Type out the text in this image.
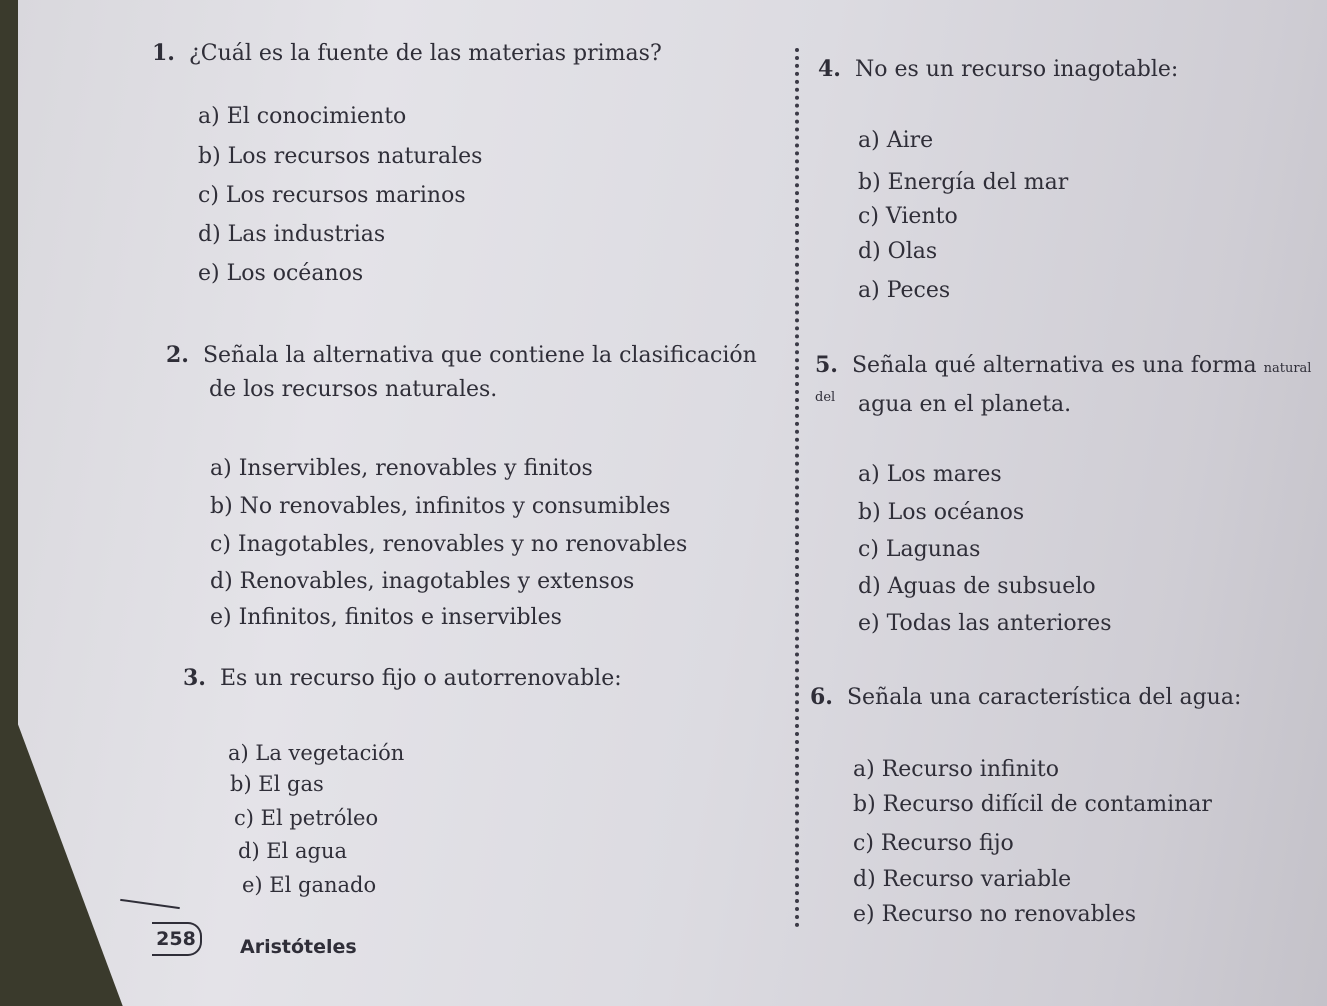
1. ¿Cuál es la fuente de las materias primas?
a) El conocimiento
b) Los recursos naturales
c) Los recursos marinos
d) Las industrias
e) Los océanos
2. Señala la alternativa que contiene la clasificación
de los recursos naturales.
a) Inservibles, renovables y finitos
b) No renovables, infinitos y consumibles
c) Inagotables, renovables y no renovables
d) Renovables, inagotables y extensos
e) Infinitos, finitos e inservibles
3. Es un recurso fijo o autorrenovable:
a) La vegetación
b) El gas
c) El petróleo
d) El agua
e) El ganado
4. No es un recurso inagotable:
a) Aire
b) Energía del mar
c) Viento
d) Olas
a) Peces
5. Señala qué alternativa es una forma natural del	agua en el planeta.
a) Los mares
b) Los océanos
c) Lagunas
d) Aguas de subsuelo
e) Todas las anteriores
6. Señala una característica del agua:
a) Recurso infinito
b) Recurso difícil de contaminar
c) Recurso fijo
d) Recurso variable
e) Recurso no renovables
258	Aristóteles
